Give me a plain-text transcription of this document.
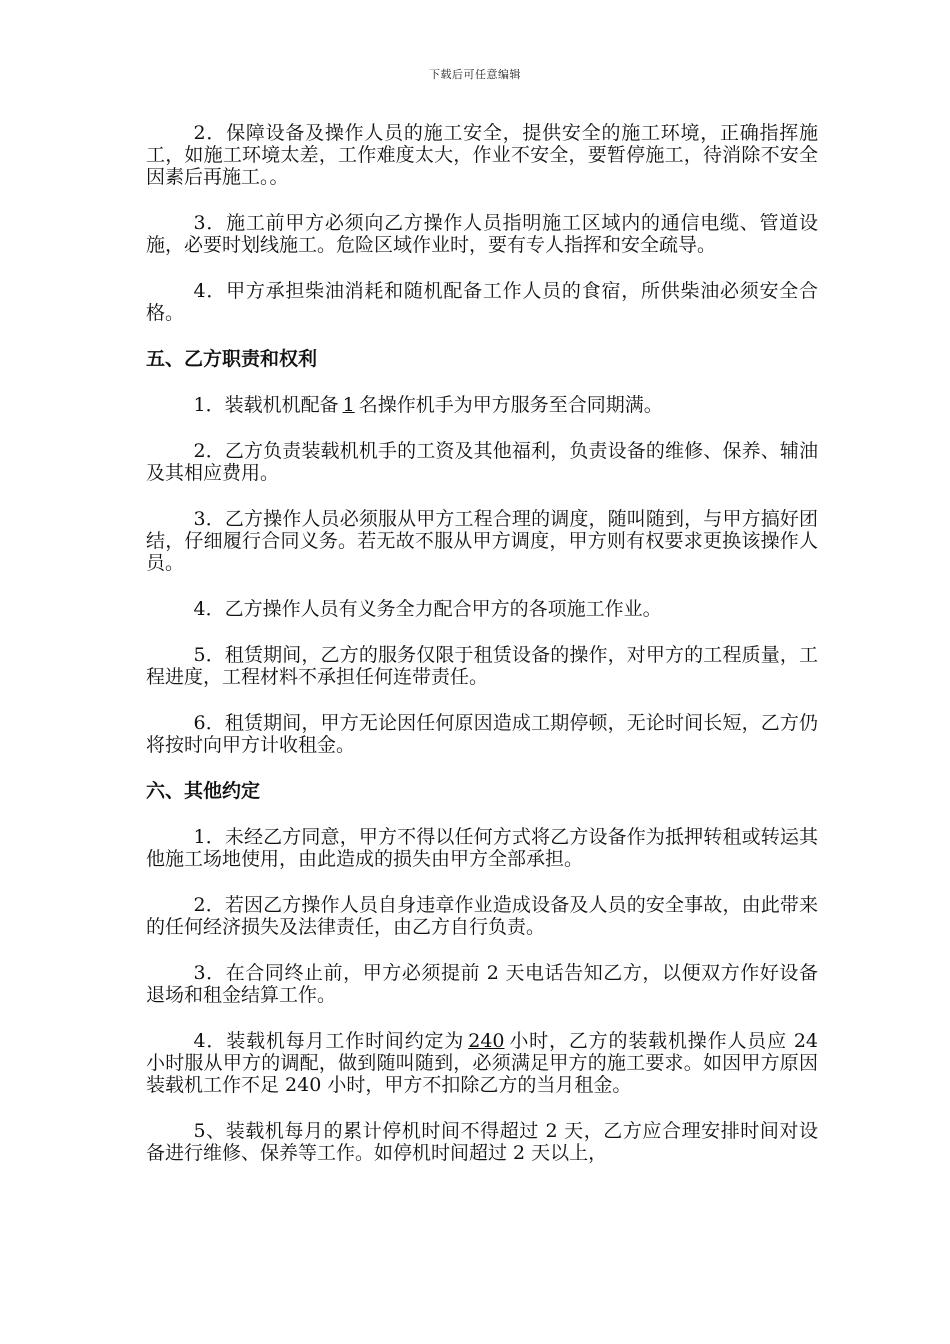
下载后可任意编辑

2．保障设备及操作人员的施工安全，提供安全的施工环境，正确指挥施工，如施工环境太差，工作难度太大，作业不安全，要暂停施工，待消除不安全因素后再施工。。

3．施工前甲方必须向乙方操作人员指明施工区域内的通信电缆、管道设施，必要时划线施工。危险区域作业时，要有专人指挥和安全疏导。

4．甲方承担柴油消耗和随机配备工作人员的食宿，所供柴油必须安全合格。

五、乙方职责和权利

1．装载机机配备 1 名操作机手为甲方服务至合同期满。

2．乙方负责装载机机手的工资及其他福利，负责设备的维修、保养、辅油及其相应费用。

3．乙方操作人员必须服从甲方工程合理的调度，随叫随到，与甲方搞好团结，仔细履行合同义务。若无故不服从甲方调度，甲方则有权要求更换该操作人员。

4．乙方操作人员有义务全力配合甲方的各项施工作业。

5．租赁期间，乙方的服务仅限于租赁设备的操作，对甲方的工程质量，工程进度，工程材料不承担任何连带责任。

6．租赁期间，甲方无论因任何原因造成工期停顿，无论时间长短，乙方仍将按时向甲方计收租金。

六、其他约定

1．未经乙方同意，甲方不得以任何方式将乙方设备作为抵押转租或转运其他施工场地使用，由此造成的损失由甲方全部承担。

2．若因乙方操作人员自身违章作业造成设备及人员的安全事故，由此带来的任何经济损失及法律责任，由乙方自行负责。

3．在合同终止前，甲方必须提前 2 天电话告知乙方，以便双方作好设备退场和租金结算工作。

4．装载机每月工作时间约定为 240 小时，乙方的装载机操作人员应 24 小时服从甲方的调配，做到随叫随到，必须满足甲方的施工要求。如因甲方原因装载机工作不足 240 小时，甲方不扣除乙方的当月租金。

5、装载机每月的累计停机时间不得超过 2 天，乙方应合理安排时间对设备进行维修、保养等工作。如停机时间超过 2 天以上，
